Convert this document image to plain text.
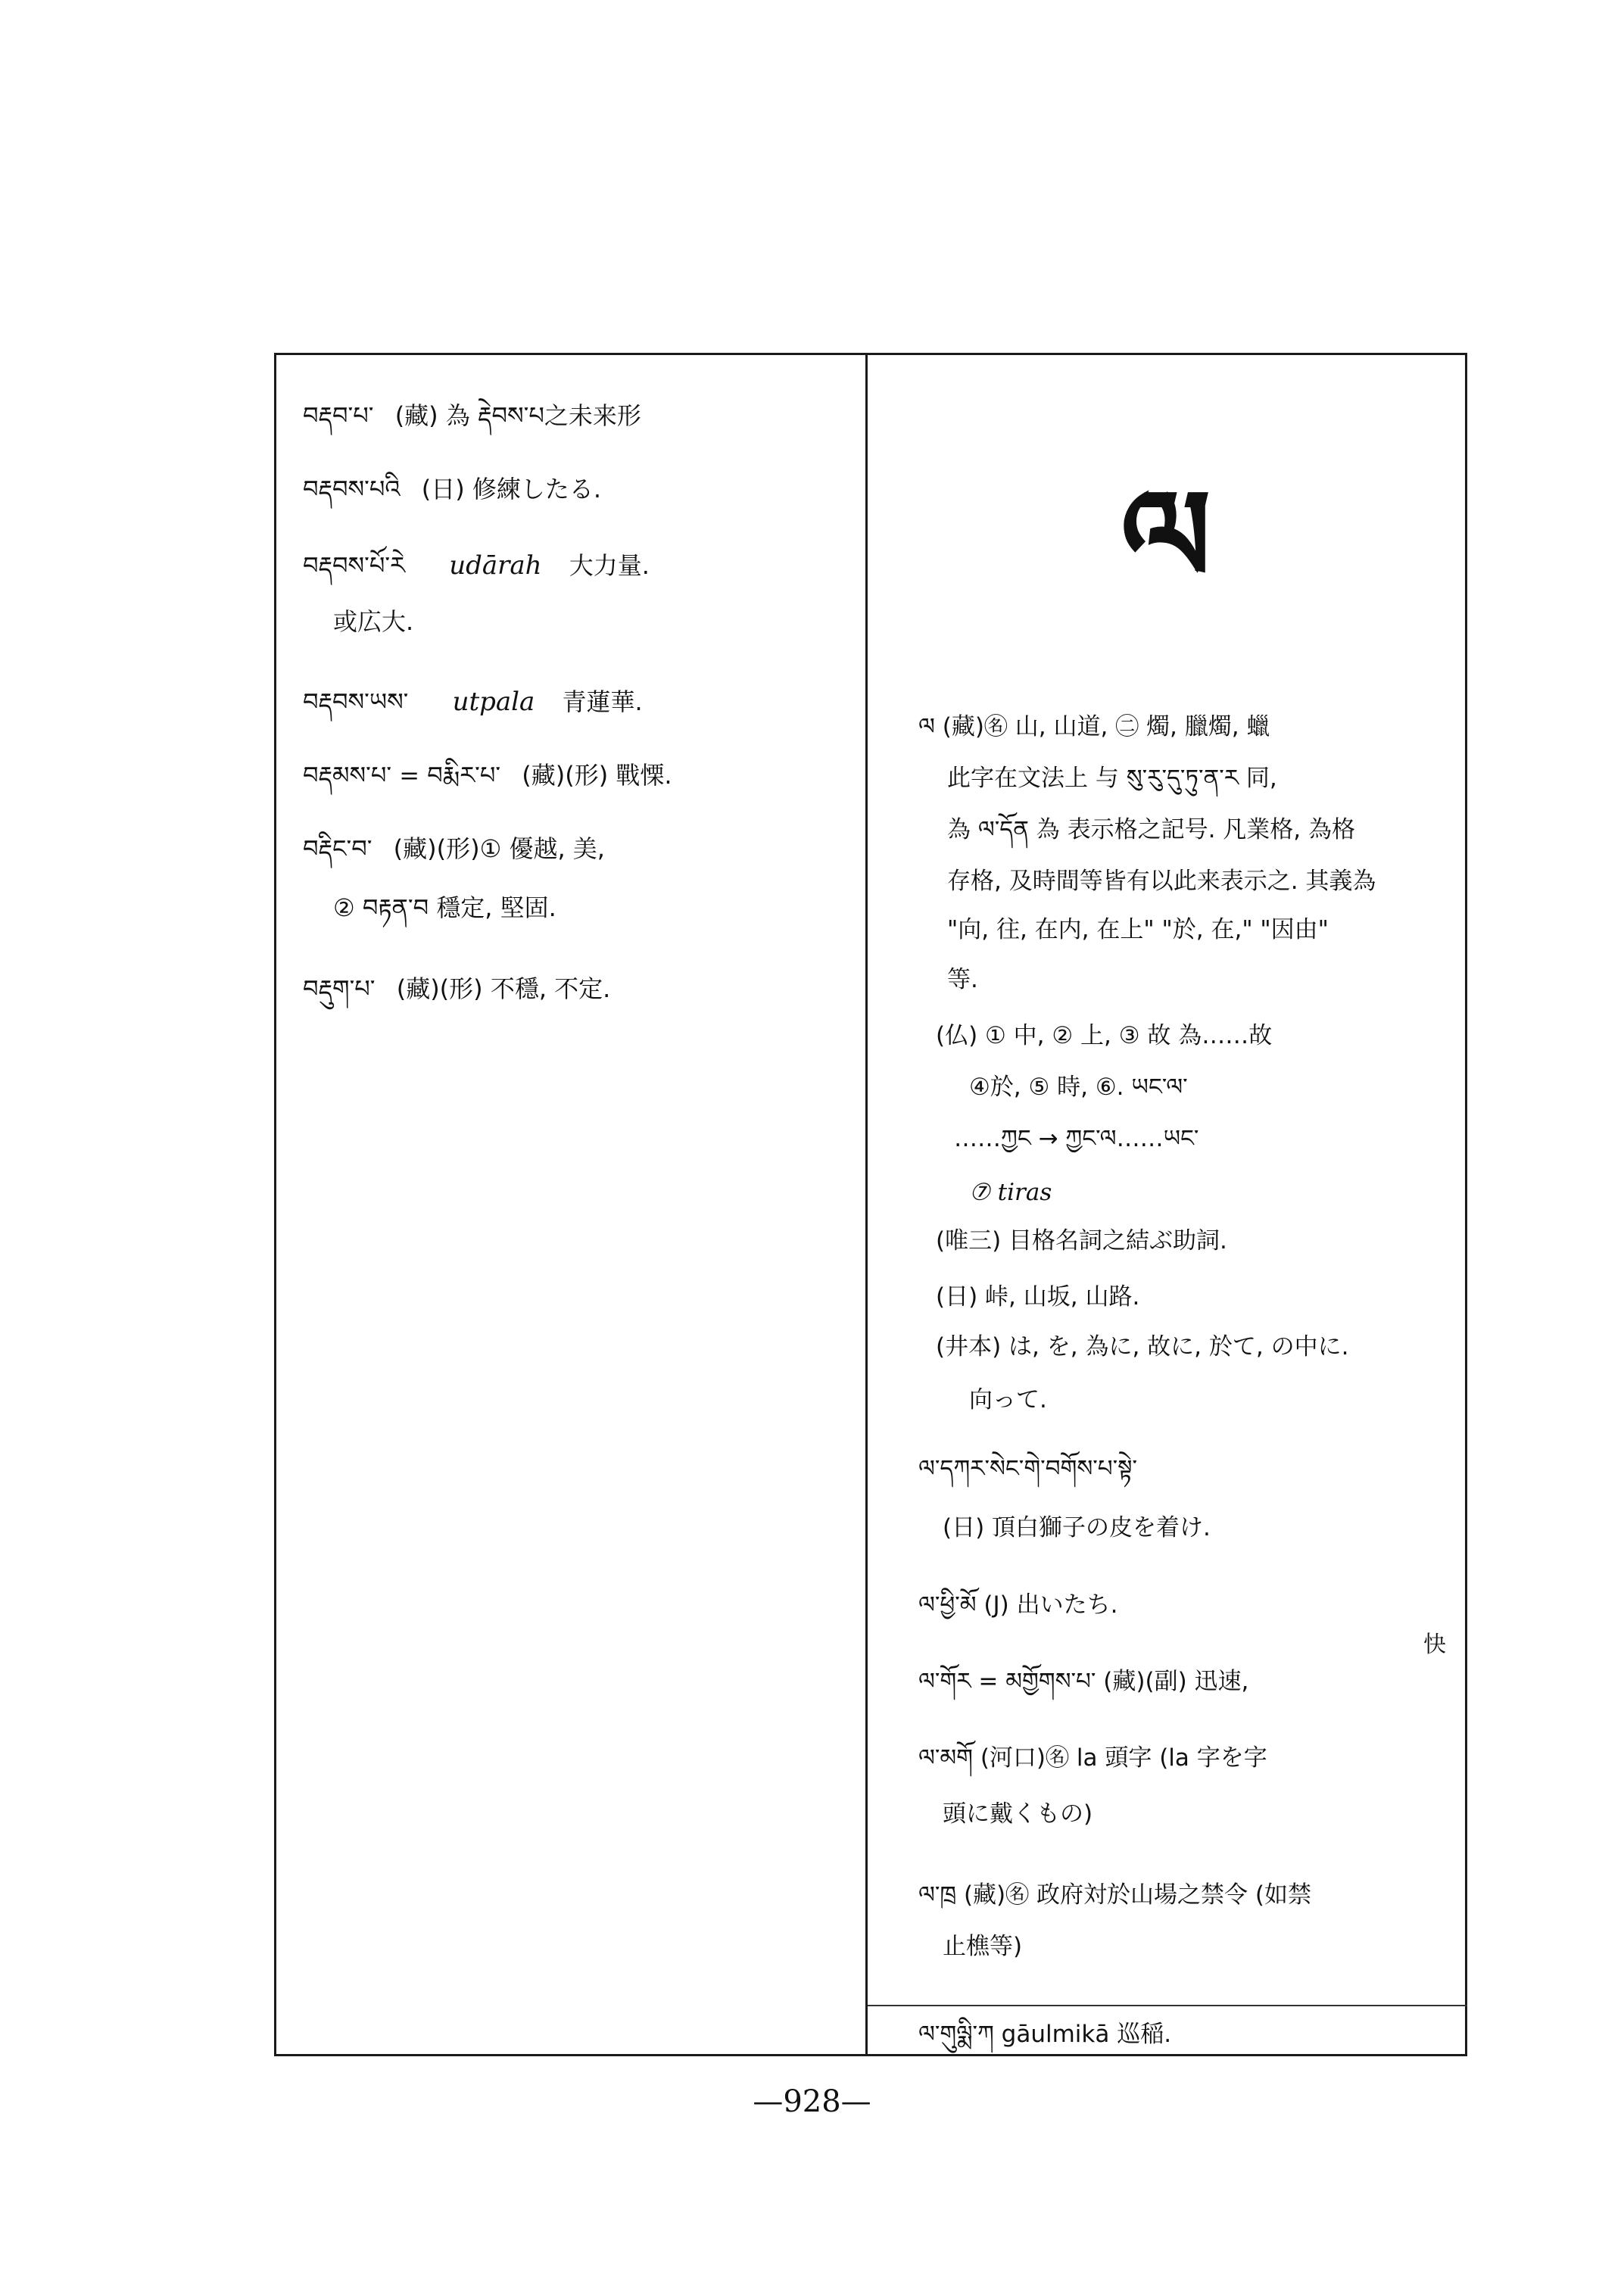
བརྡབ་པ་ (藏) 為 རྡེབས་པ之未来形
བརྡབས་པའི (日) 修練したる.
བརྡབས་པོ་རེ udārah 大力量.
或広大.
བརྡབས་ཡས་ utpala 青蓮華.
བརྡམས་པ་ = བརྨིར་པ་ (藏)(形) 戰慄.
བརྡིང་བ་ (藏)(形)① 優越, 美,
② བརྟན་བ 穩定, 堅固.
བརྡུག་པ་ (藏)(形) 不穩, 不定.
ལ
ལ (藏)㊔ 山, 山道, ㊁ 燭, 臘燭, 蠟
此字在文法上 与 སུ་རུ་དུ་ཏུ་ན་ར 同,
為 ལ་དོན 為 表示格之記号. 凡業格, 為格
存格, 及時間等皆有以此来表示之. 其義為
"向, 往, 在内, 在上" "於, 在," "因由"
等.
(仏) ① 中, ② 上, ③ 故 為……故
④於, ⑤ 時, ⑥. ཡང་ལ་
……ཀྱང → ཀྱང་ལ……ཡང་
⑦ tiras
(唯三) 目格名詞之結ぶ助詞.
(日) 峠, 山坂, 山路.
(井本) は, を, 為に, 故に, 於て, の中に.
向って.
ལ་དཀར་སེང་གེ་བགོས་པ་སྟེ་
(日) 頂白獅子の皮を着け.
ལ་ཕྱི་མོ (J) 出いたち.
快
ལ་གོར = མགྱོགས་པ་ (藏)(副) 迅速,
ལ་མགོ (河口)㊔ la 頭字 (la 字を字
頭に戴くもの)
ལ་ཁྲ (藏)㊔ 政府対於山場之禁令 (如禁
止樵等)
ལ་གུལྨི་ཀ gāulmikā 巡稲.
—928—
